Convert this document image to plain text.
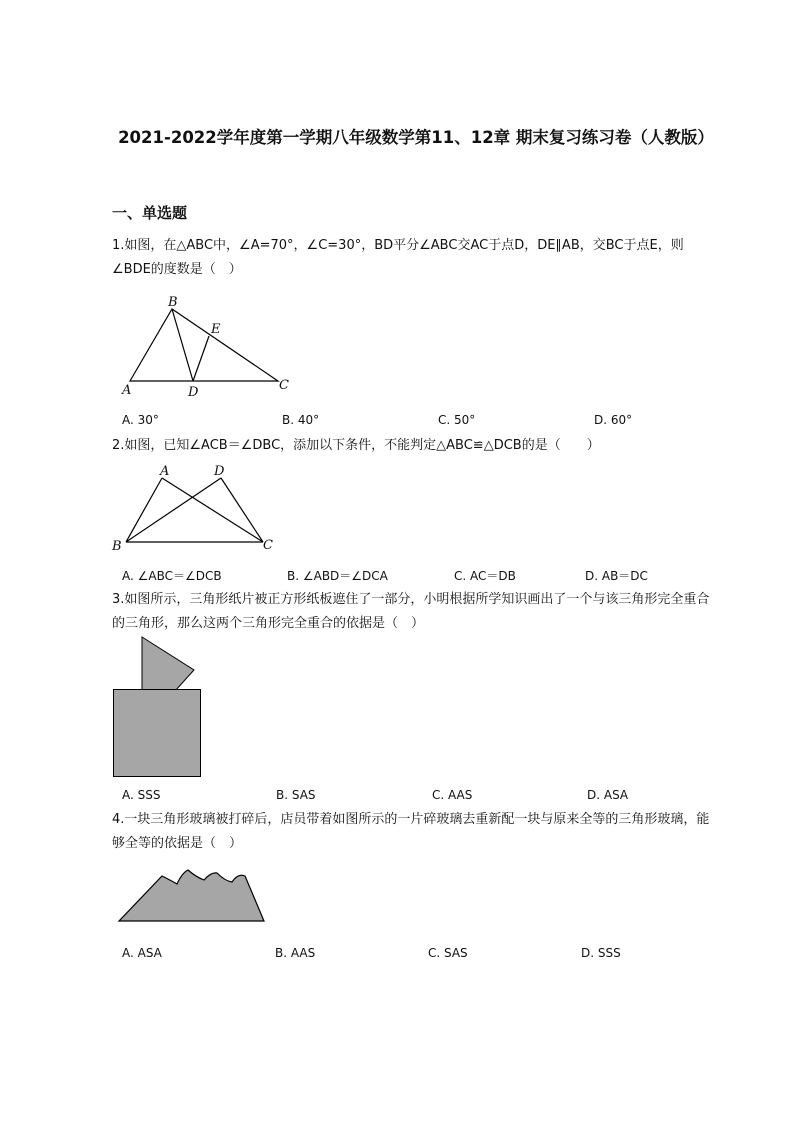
2021-2022学年度第一学期八年级数学第11、12章 期末复习练习卷（人教版）
一、单选题
1.如图，在△ABC中，∠A=70°，∠C=30°，BD平分∠ABC交AC于点D，DE∥AB，交BC于点E，则∠BDE的度数是（　）
B
E
A	D	C
A. 30°	B. 40°	C. 50°	D. 60°
2.如图，已知∠ACB＝∠DBC，添加以下条件，不能判定△ABC≌△DCB的是（　　）
A	D
B	C
A. ∠ABC＝∠DCB	B. ∠ABD＝∠DCA	C. AC＝DB	D. AB＝DC
3.如图所示，三角形纸片被正方形纸板遮住了一部分，小明根据所学知识画出了一个与该三角形完全重合的三角形，那么这两个三角形完全重合的依据是（　）
A. SSS	B. SAS	C. AAS	D. ASA
4.一块三角形玻璃被打碎后，店员带着如图所示的一片碎玻璃去重新配一块与原来全等的三角形玻璃，能够全等的依据是（　）
A. ASA	B. AAS	C. SAS	D. SSS
